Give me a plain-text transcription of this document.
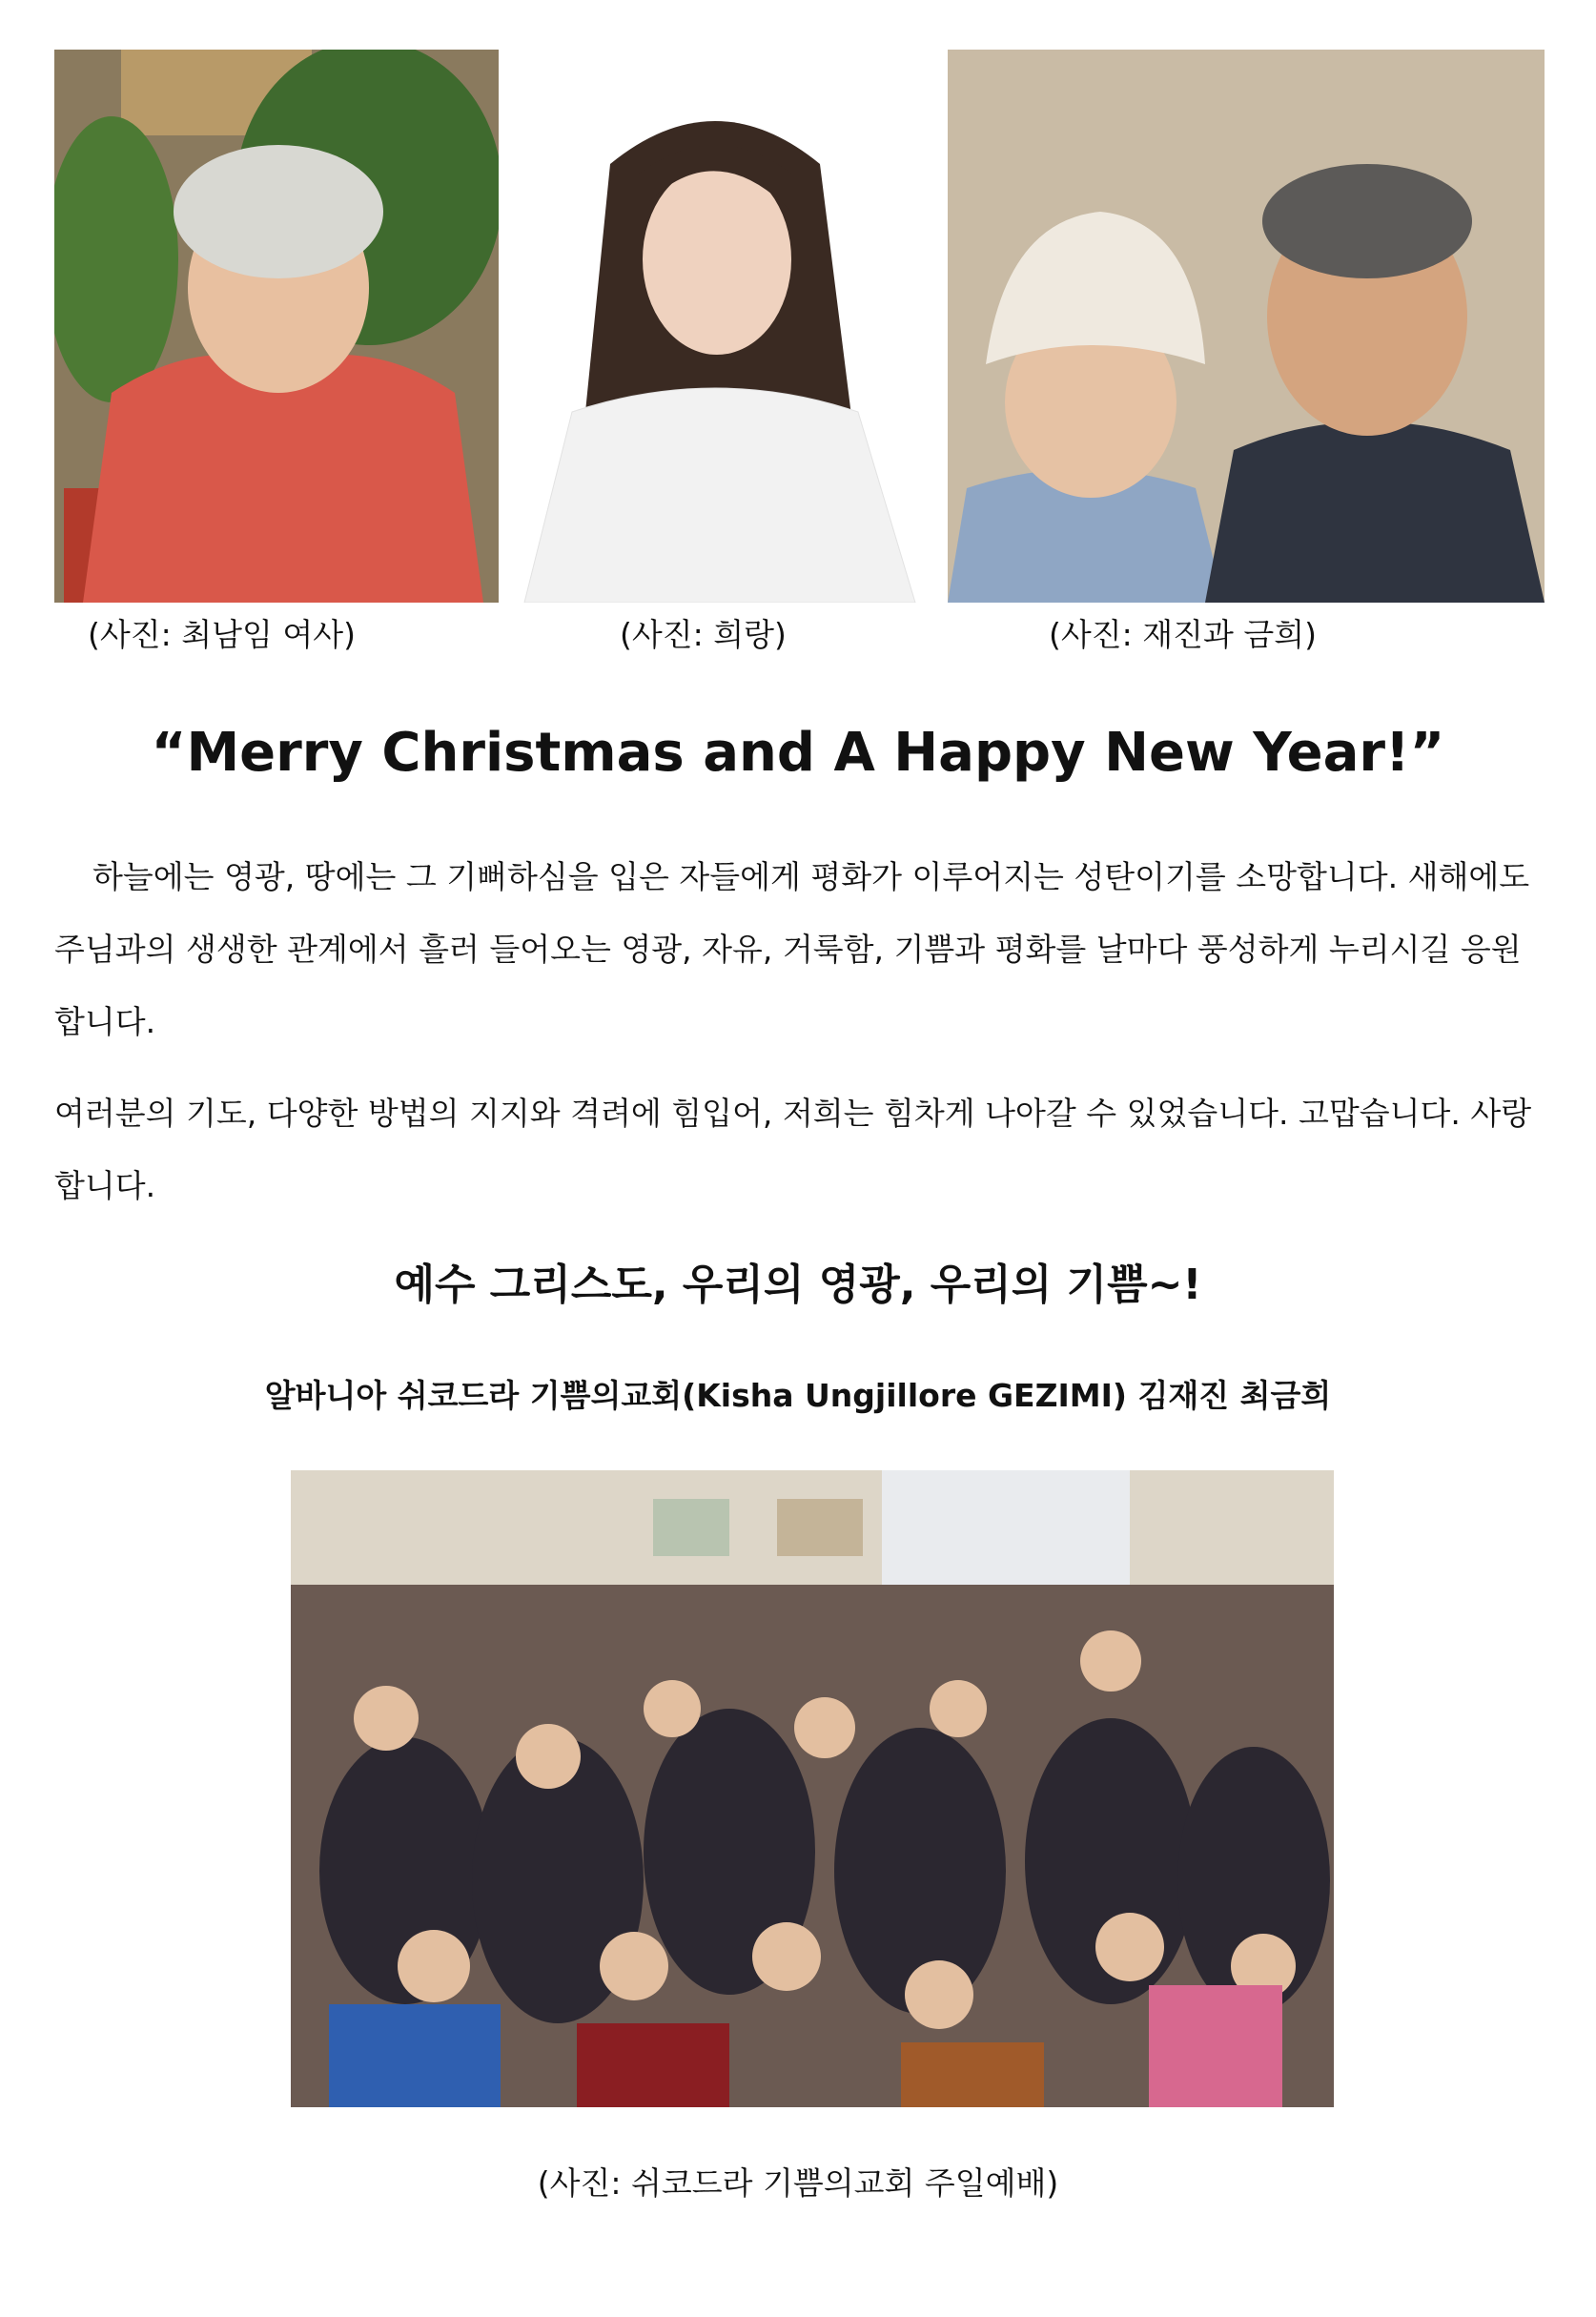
(사진: 최남임 여사)	(사진: 희랑)	(사진: 재진과 금희)
“Merry Christmas and A Happy New Year!”

하늘에는 영광, 땅에는 그 기뻐하심을 입은 자들에게 평화가 이루어지는 성탄이기를 소망합니다. 새해에도 주님과의 생생한 관계에서 흘러 들어오는 영광, 자유, 거룩함, 기쁨과 평화를 날마다 풍성하게 누리시길 응원합니다.

여러분의 기도, 다양한 방법의 지지와 격려에 힘입어, 저희는 힘차게 나아갈 수 있었습니다. 고맙습니다. 사랑합니다.

예수 그리스도, 우리의 영광, 우리의 기쁨~!
알바니아 쉬코드라 기쁨의교회(Kisha Ungjillore GEZIMI) 김재진 최금희
(사진: 쉬코드라 기쁨의교회 주일예배)
